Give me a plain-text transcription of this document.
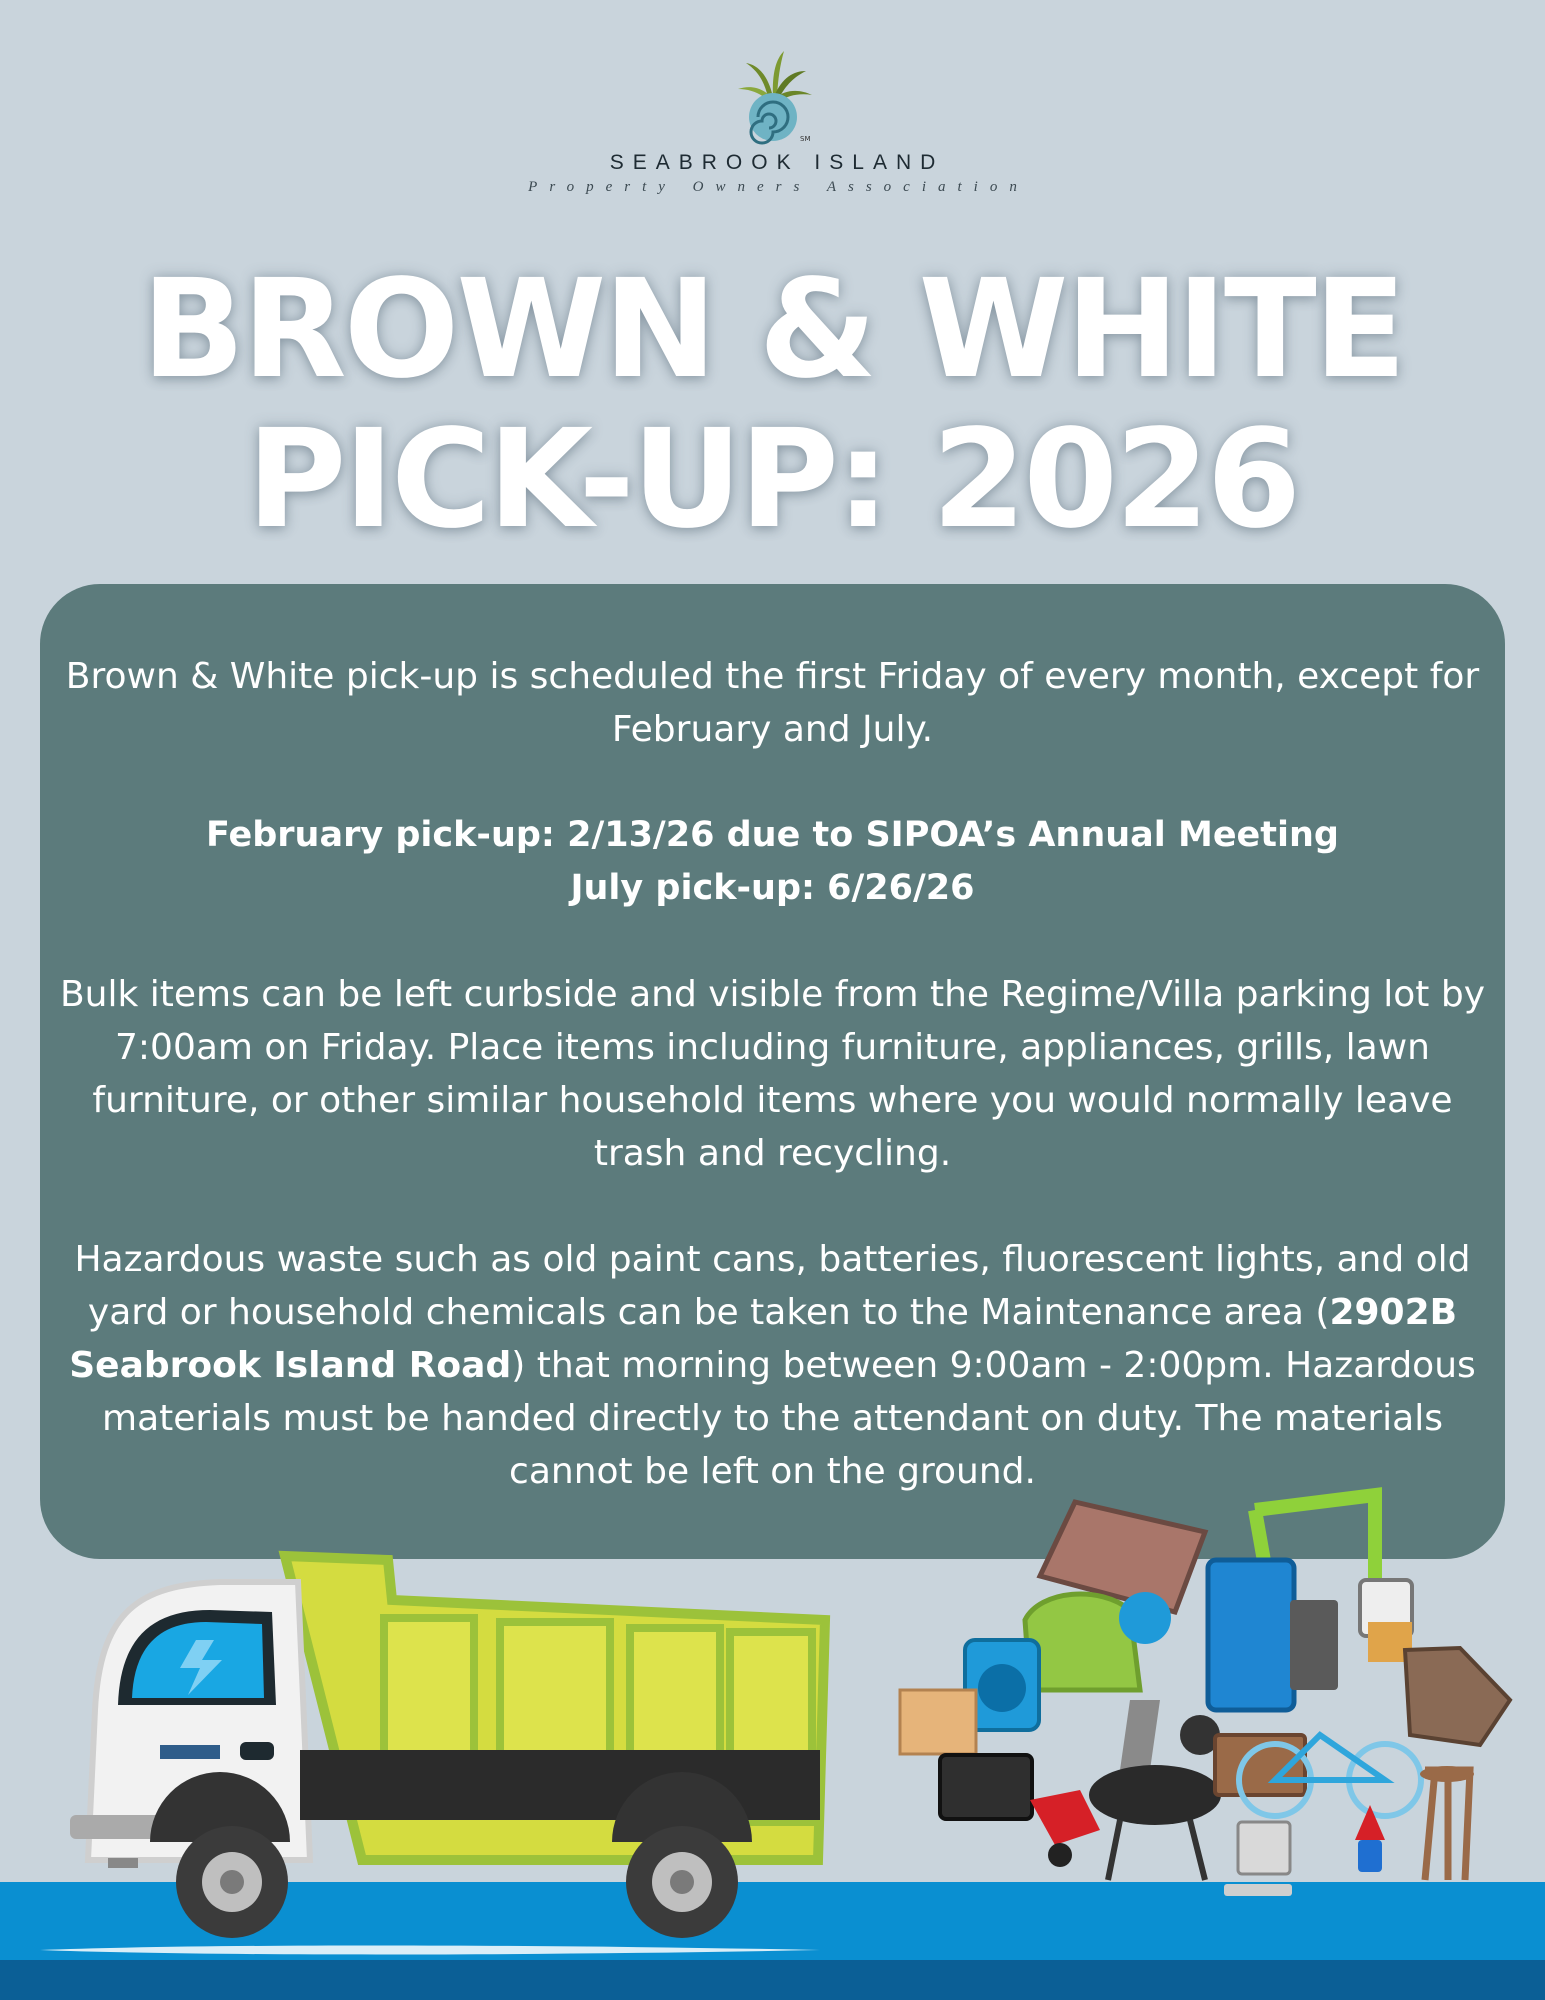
SM
SEABROOK ISLAND
Property Owners Association
BROWN & WHITE
PICK-UP: 2026

Brown & White pick-up is scheduled the first Friday of every month, except for February and July.

February pick-up: 2/13/26 due to SIPOA’s Annual Meeting
July pick-up: 6/26/26

Bulk items can be left curbside and visible from the Regime/Villa parking lot by 7:00am on Friday. Place items including furniture, appliances, grills, lawn furniture, or other similar household items where you would normally leave trash and recycling.

Hazardous waste such as old paint cans, batteries, fluorescent lights, and old yard or household chemicals can be taken to the Maintenance area (2902B Seabrook Island Road) that morning between 9:00am - 2:00pm. Hazardous materials must be handed directly to the attendant on duty. The materials cannot be left on the ground.
